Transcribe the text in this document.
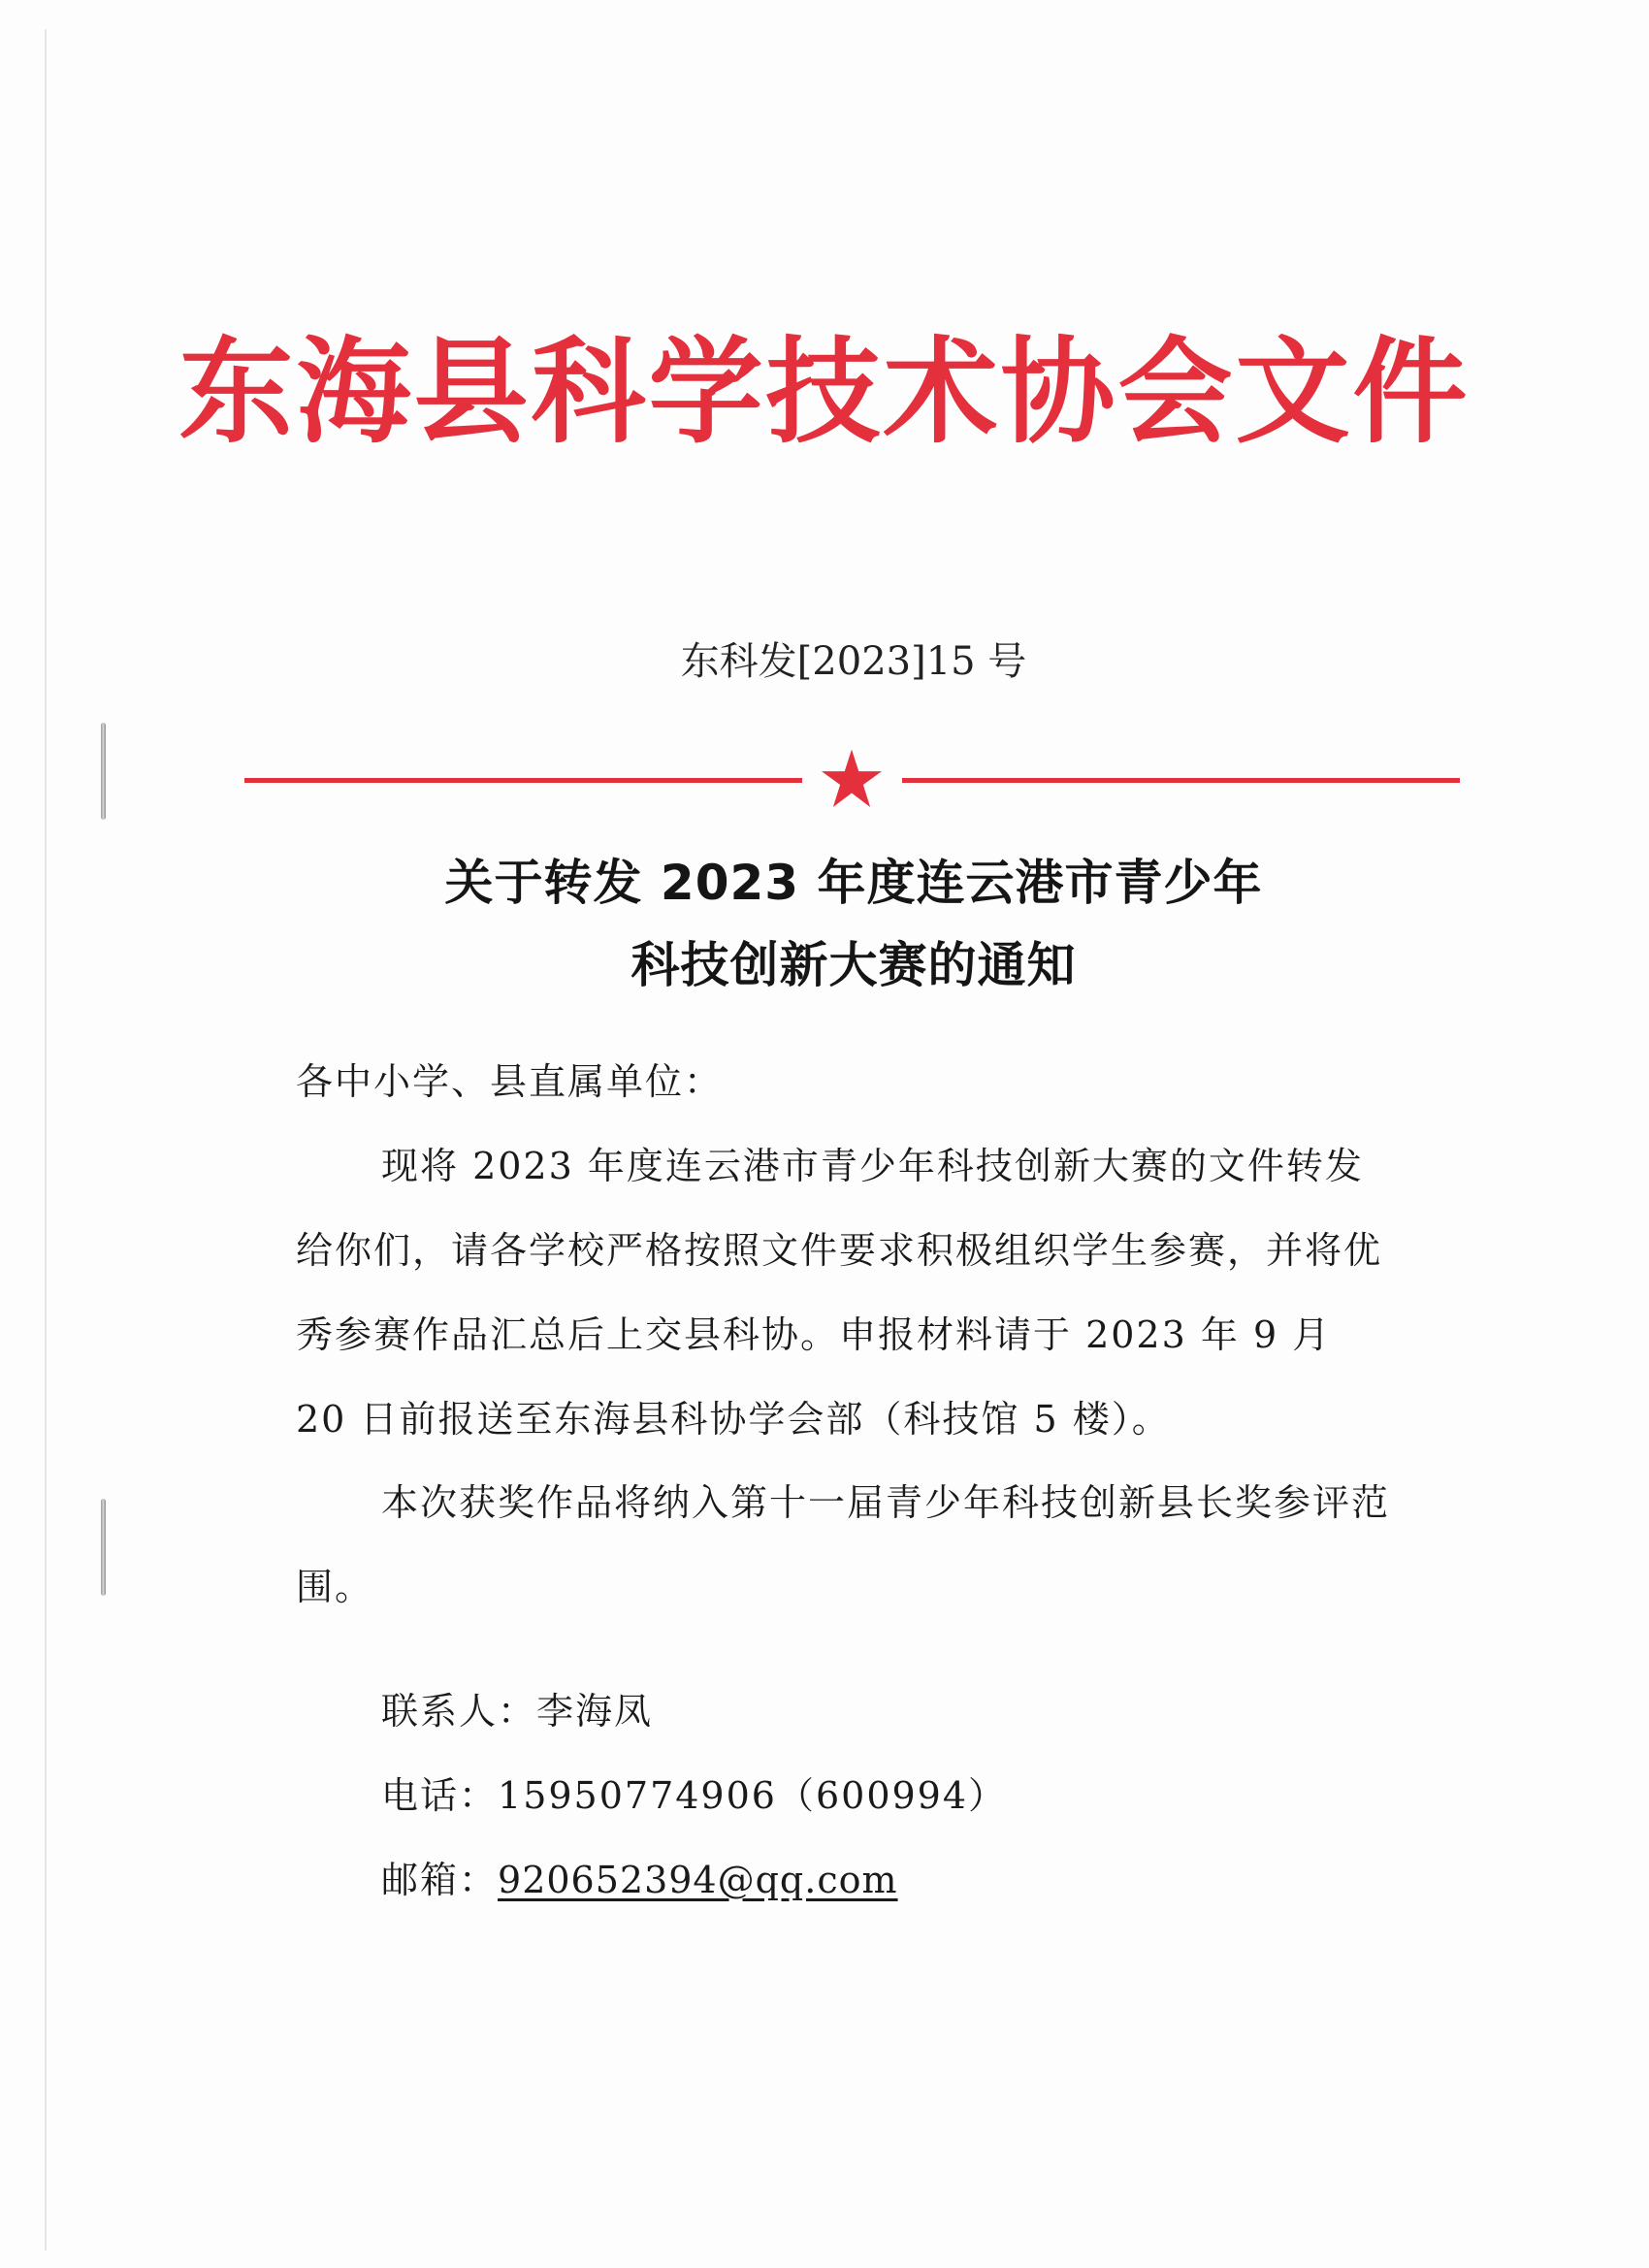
东海县科学技术协会文件
东科发[2023]15 号
关于转发 2023 年度连云港市青少年
科技创新大赛的通知
各中小学、县直属单位：
现将 2023 年度连云港市青少年科技创新大赛的文件转发给你们，请各学校严格按照文件要求积极组织学生参赛，并将优秀参赛作品汇总后上交县科协。申报材料请于 2023 年 9 月 20 日前报送至东海县科协学会部（科技馆 5 楼）。
本次获奖作品将纳入第十一届青少年科技创新县长奖参评范围。
联系人：李海凤
电话：15950774906（600994）
邮箱：920652394@qq.com
